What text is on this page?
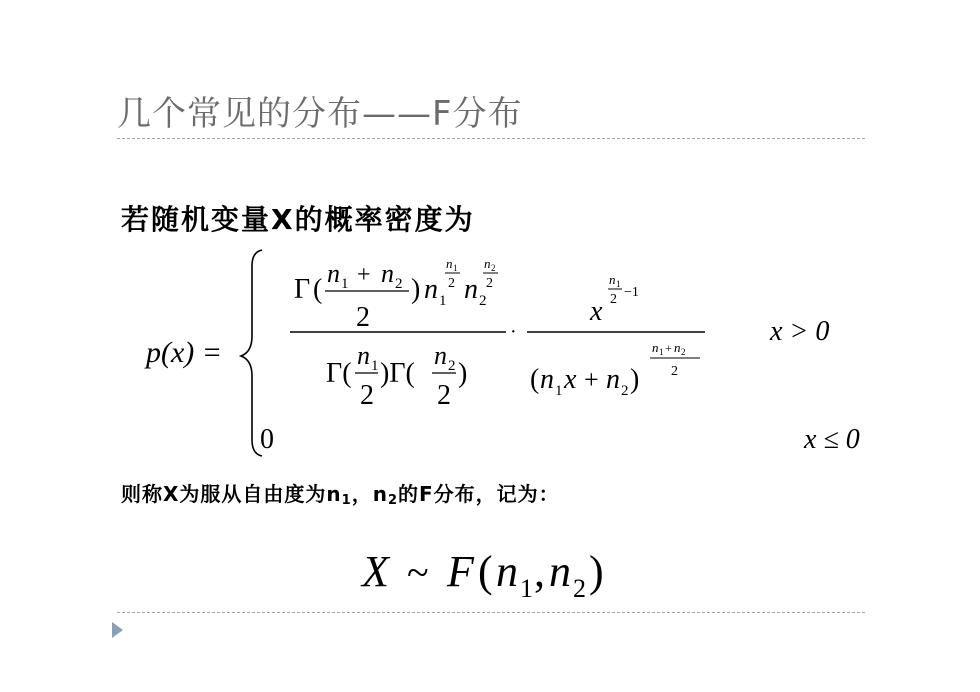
几个常见的分布——F分布
若随机变量X的概率密度为
p(x) =
Γ (
n 1 + n 2
2
) n 1
n 1
2 n 2
n 2
2
Γ(
n 1
2
)Γ(
n 2
2
)
·
x
n 1
2 −1
( n 1 x + n 2 )
n 1 + n 2
2
x > 0
0	x ≤ 0
则称X为服从自由度为$n_1$，$n_2$的F分布，记为：
X ~ F ( n 1 , n 2 )
